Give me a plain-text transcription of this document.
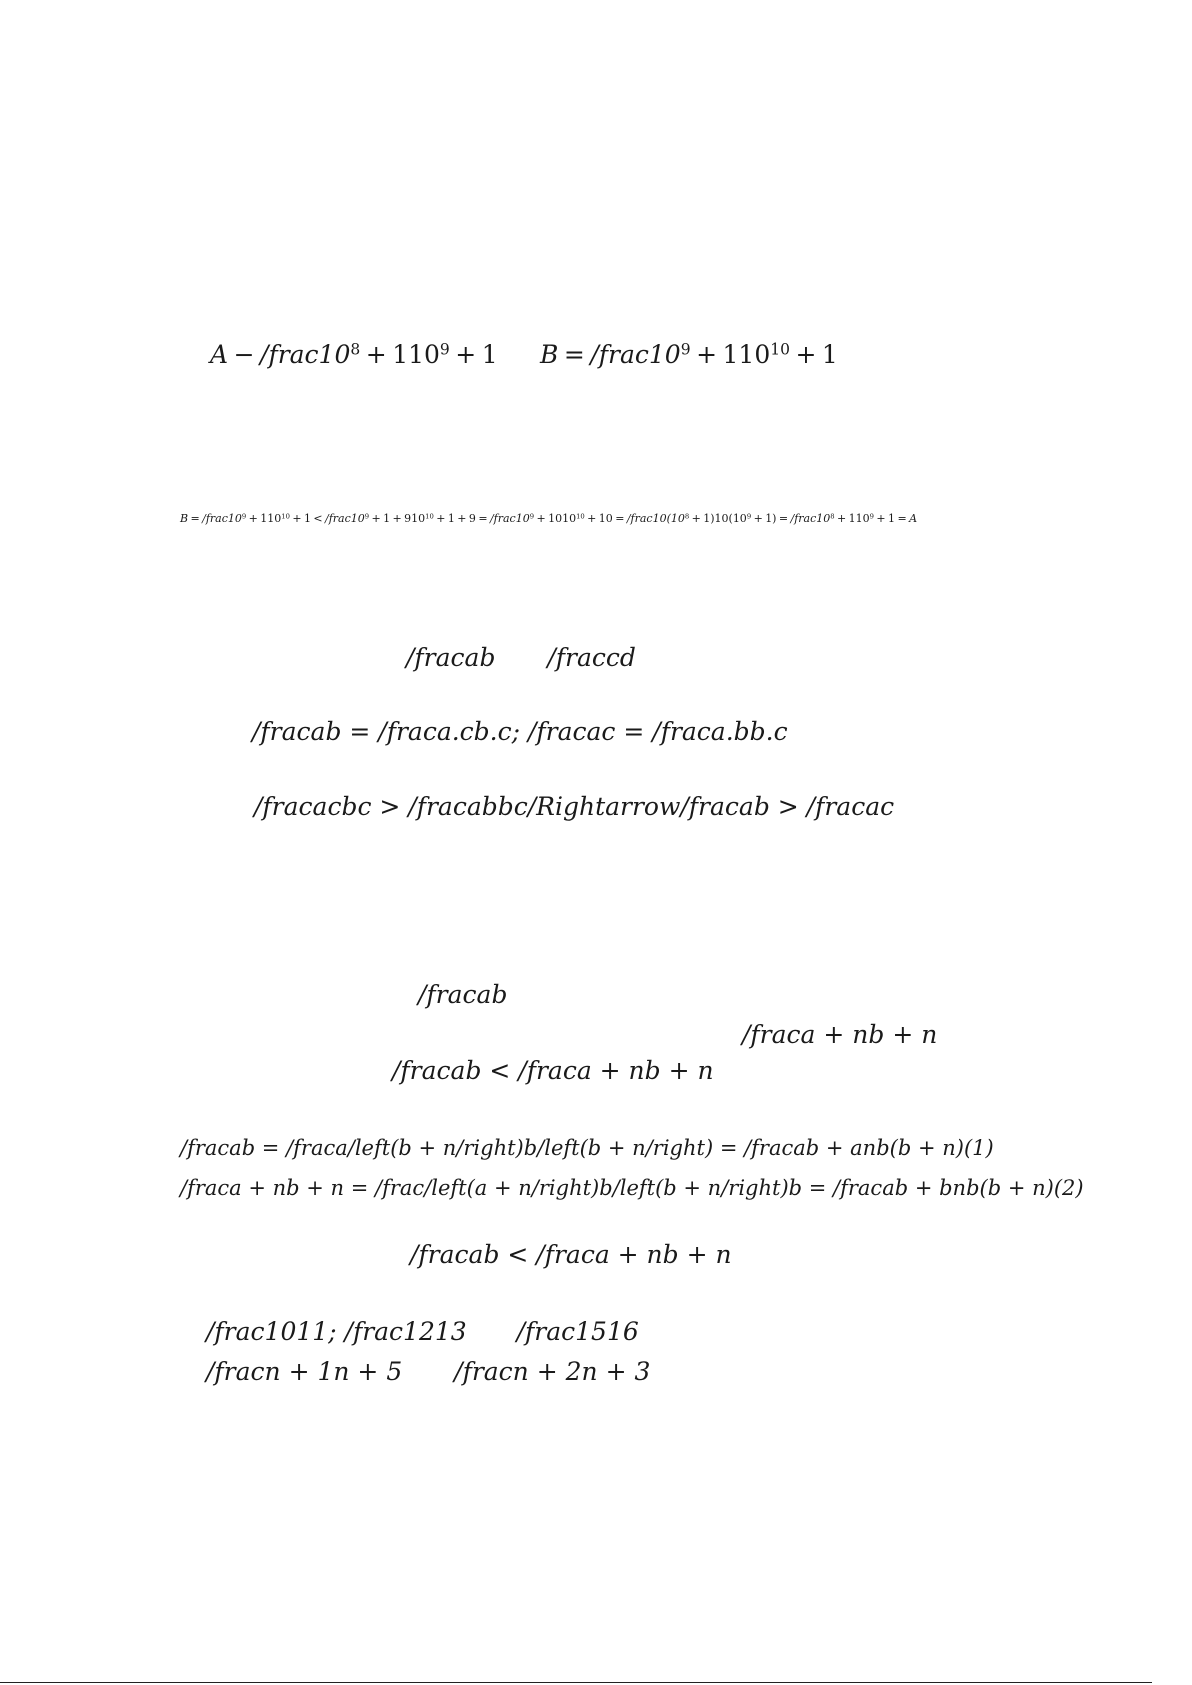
$A - /frac10^8 + 110^9 + 1$ $B = /frac10^9 + 110^{10} + 1$
$B = /frac10^9 + 110^{10} + 1$ < $/frac10^9 + 1 + 910^{10} + 1 + 9$ = $/frac10^9 + 1010^{10} + 10$ = $/frac10(10^8 + 1)10(10^9 + 1)$ = $/frac10^8 + 110^9 + 1 = A$
/fracab /fraccd
/fracab = /fraca.cb.c; /fracac = /fraca.bb.c
/fracacbc > /fracabbc/Rightarrow/fracab > /fracac
/fracab
/fraca + nb + n
/fracab < /fraca + nb + n
/fracab = /fraca/left(b + n/right)b/left(b + n/right) = /fracab + anb(b + n)(1)
/fraca + nb + n = /frac/left(a + n/right)b/left(b + n/right)b = /fracab + bnb(b + n)(2)
/fracab < /fraca + nb + n
/frac1011; /frac1213 /frac1516
/fracn + 1n + 5 /fracn + 2n + 3
